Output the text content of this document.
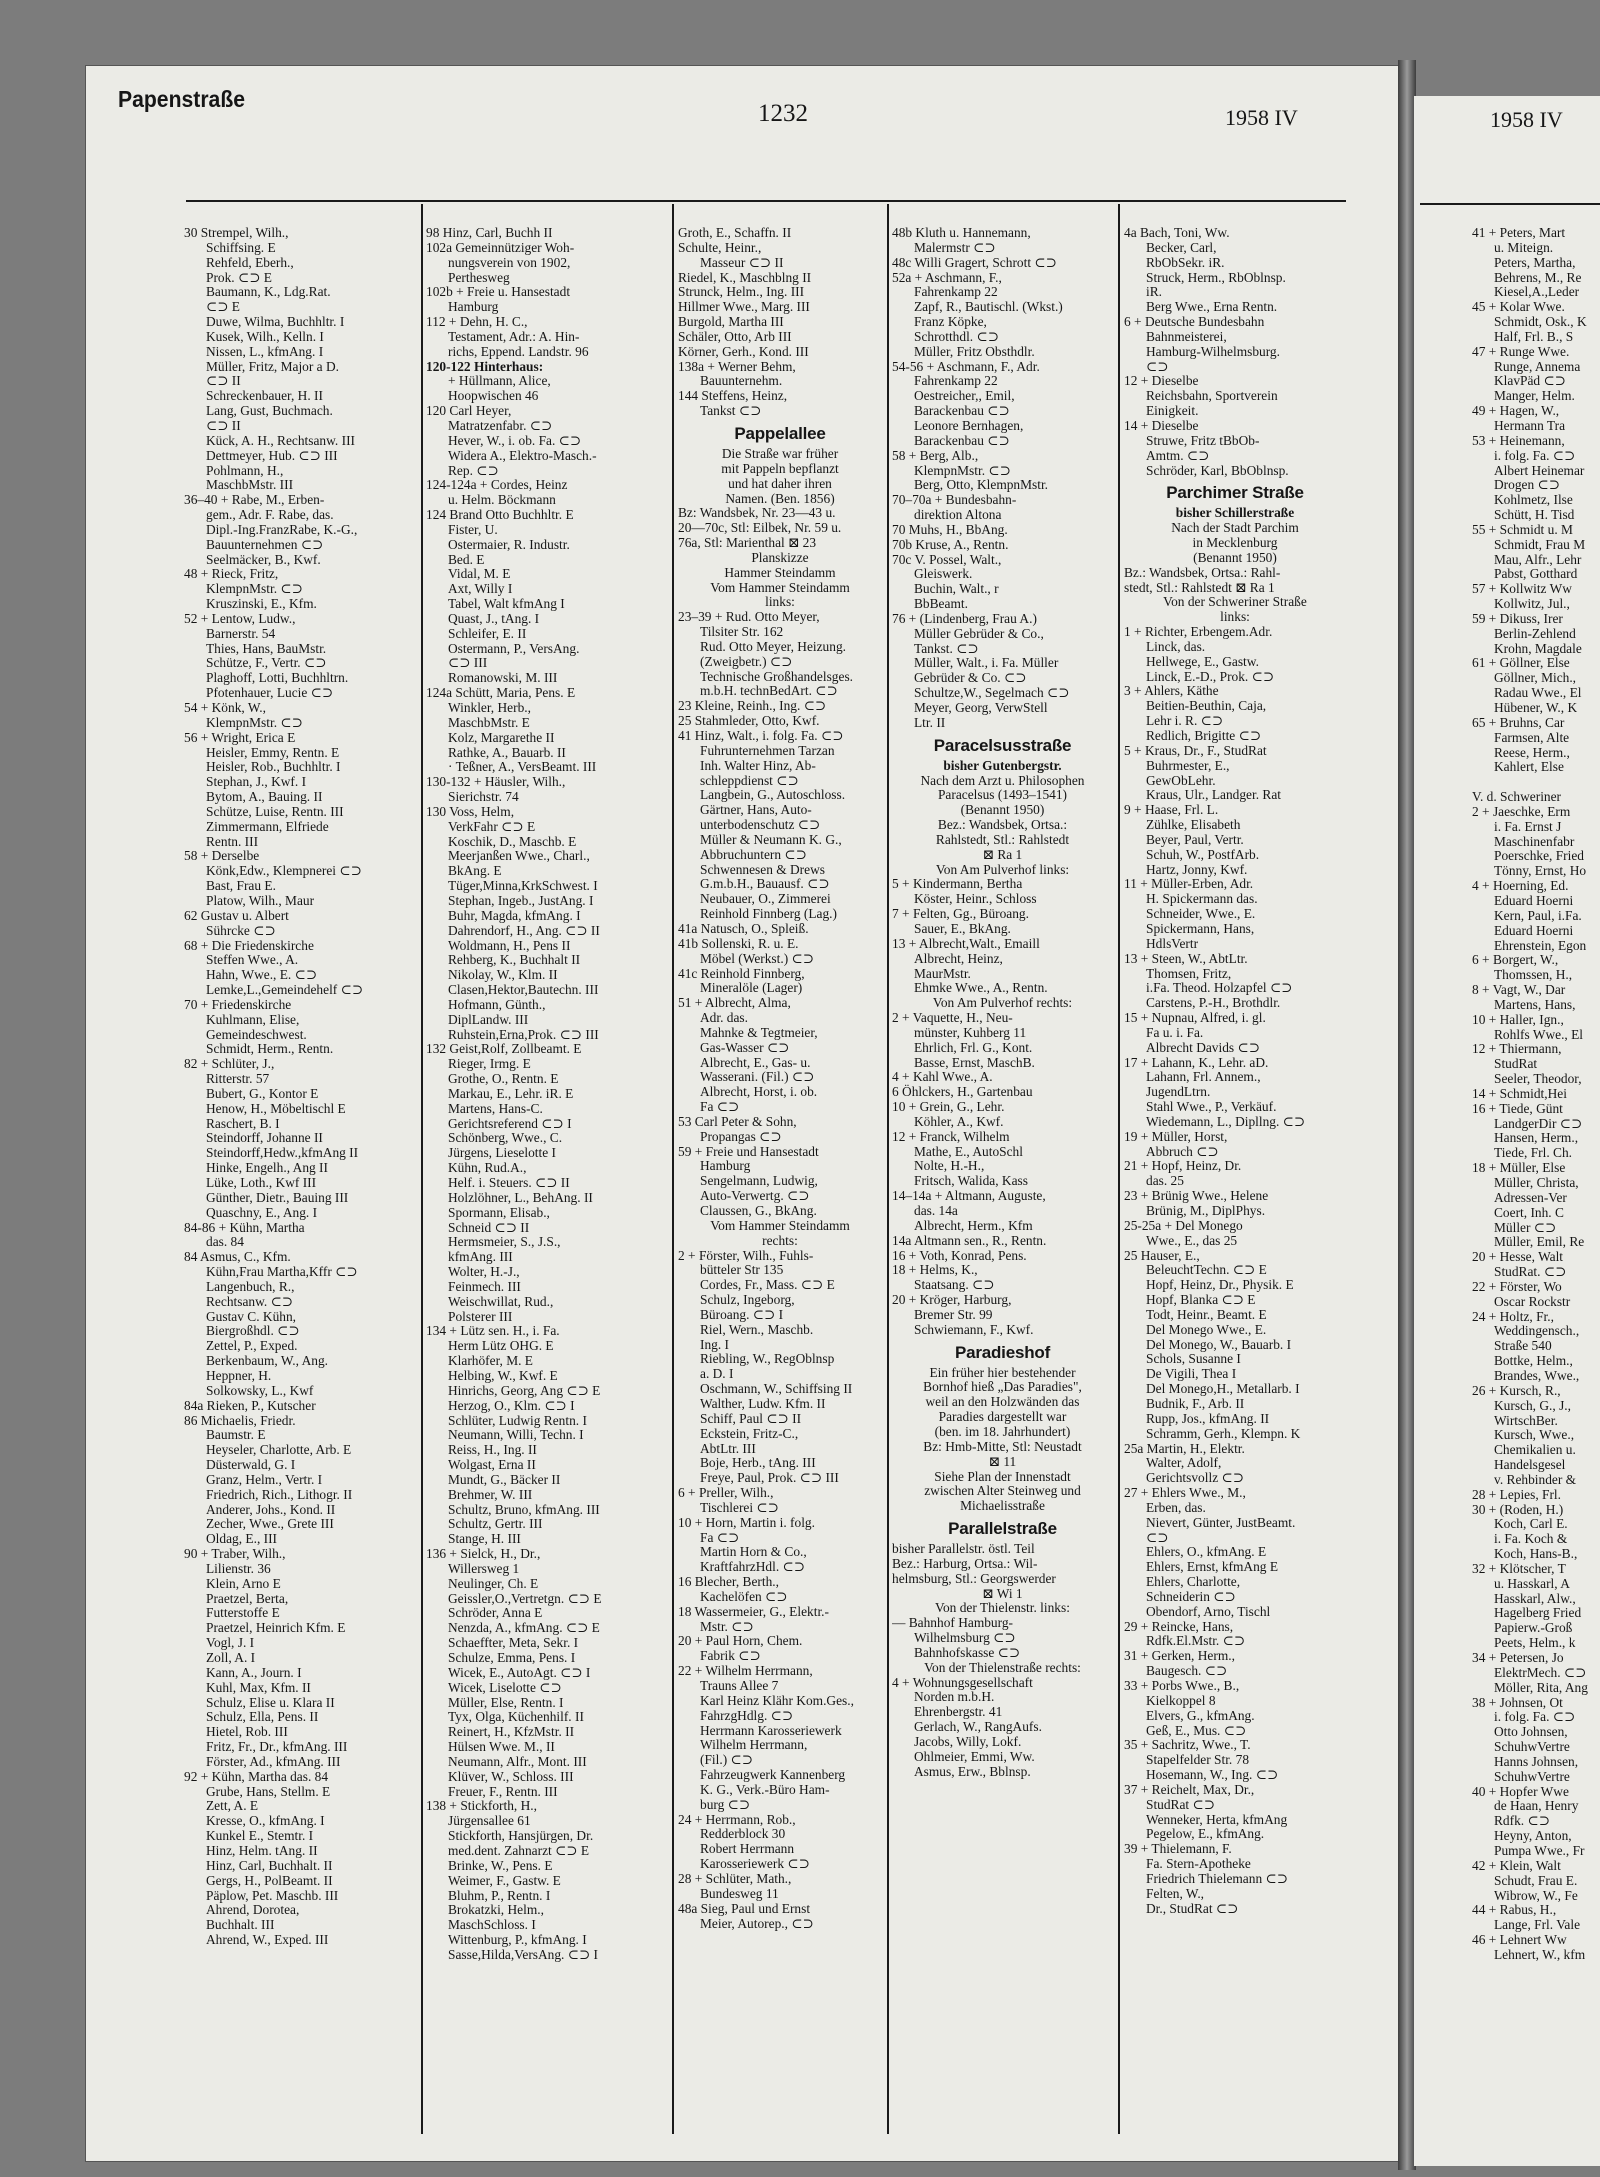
Papenstraße
1232	1958 IV	1958 IV
30 Strempel, Wilh.,
Schiffsing. E
Rehfeld, Eberh.,
Prok. ⊂⊃ E
Baumann, K., Ldg.Rat.
⊂⊃ E
Duwe, Wilma, Buchhltr. I
Kusek, Wilh., Kelln. I
Nissen, L., kfmAng. I
Müller, Fritz, Major a D.
⊂⊃ II
Schreckenbauer, H. II
Lang, Gust, Buchmach.
⊂⊃ II
Kück, A. H., Rechtsanw. III
Dettmeyer, Hub. ⊂⊃ III
Pohlmann, H.,
MaschbMstr. III
36–40 + Rabe, M., Erben-
gem., Adr. F. Rabe, das.
Dipl.-Ing.FranzRabe, K.-G.,
Bauunternehmen ⊂⊃
Seelmäcker, B., Kwf.
48 + Rieck, Fritz,
KlempnMstr. ⊂⊃
Kruszinski, E., Kfm.
52 + Lentow, Ludw.,
Barnerstr. 54
Thies, Hans, BauMstr.
Schütze, F., Vertr. ⊂⊃
Plaghoff, Lotti, Buchhltrn.
Pfotenhauer, Lucie ⊂⊃
54 + Könk, W.,
KlempnMstr. ⊂⊃
56 + Wright, Erica E
Heisler, Emmy, Rentn. E
Heisler, Rob., Buchhltr. I
Stephan, J., Kwf. I
Bytom, A., Bauing. II
Schütze, Luise, Rentn. III
Zimmermann, Elfriede
Rentn. III
58 + Derselbe
Könk,Edw., Klempnerei ⊂⊃
Bast, Frau E.
Platow, Wilh., Maur
62 Gustav u. Albert
Sührcke ⊂⊃
68 + Die Friedenskirche
Steffen Wwe., A.
Hahn, Wwe., E. ⊂⊃
Lemke,L.,Gemeindehelf ⊂⊃
70 + Friedenskirche
Kuhlmann, Elise,
Gemeindeschwest.
Schmidt, Herm., Rentn.
82 + Schlüter, J.,
Ritterstr. 57
Bubert, G., Kontor E
Henow, H., Möbeltischl E
Raschert, B. I
Steindorff, Johanne II
Steindorff,Hedw.,kfmAng II
Hinke, Engelh., Ang II
Lüke, Loth., Kwf III
Günther, Dietr., Bauing III
Quaschny, E., Ang. I
84-86 + Kühn, Martha
das. 84
84 Asmus, C., Kfm.
Kühn,Frau Martha,Kffr ⊂⊃
Langenbuch, R.,
Rechtsanw. ⊂⊃
Gustav C. Kühn,
Biergroßhdl. ⊂⊃
Zettel, P., Exped.
Berkenbaum, W., Ang.
Heppner, H.
Solkowsky, L., Kwf
84a Rieken, P., Kutscher
86 Michaelis, Friedr.
Baumstr. E
Heyseler, Charlotte, Arb. E
Düsterwald, G. I
Granz, Helm., Vertr. I
Friedrich, Rich., Lithogr. II
Anderer, Johs., Kond. II
Zecher, Wwe., Grete III
Oldag, E., III
90 + Traber, Wilh.,
Lilienstr. 36
Klein, Arno E
Praetzel, Berta,
Futterstoffe E
Praetzel, Heinrich Kfm. E
Vogl, J. I
Zoll, A. I
Kann, A., Journ. I
Kuhl, Max, Kfm. II
Schulz, Elise u. Klara II
Schulz, Ella, Pens. II
Hietel, Rob. III
Fritz, Fr., Dr., kfmAng. III
Förster, Ad., kfmAng. III
92 + Kühn, Martha das. 84
Grube, Hans, Stellm. E
Zett, A. E
Kresse, O., kfmAng. I
Kunkel E., Stemtr. I
Hinz, Helm. tAng. II
Hinz, Carl, Buchhalt. II
Gergs, H., PolBeamt. II
Päplow, Pet. Maschb. III
Ahrend, Dorotea,
Buchhalt. III
Ahrend, W., Exped. III
98 Hinz, Carl, Buchh II
102a Gemeinnütziger Woh-
nungsverein von 1902,
Perthesweg
102b + Freie u. Hansestadt
Hamburg
112 + Dehn, H. C.,
Testament, Adr.: A. Hin-
richs, Eppend. Landstr. 96
120-122 Hinterhaus:
+ Hüllmann, Alice,
Hoopwischen 46
120 Carl Heyer,
Matratzenfabr. ⊂⊃
Hever, W., i. ob. Fa. ⊂⊃
Widera A., Elektro-Masch.-
Rep. ⊂⊃
124-124a + Cordes, Heinz
u. Helm. Böckmann
124 Brand Otto Buchhltr. E
Fister, U.
Ostermaier, R. Industr.
Bed. E
Vidal, M. E
Axt, Willy I
Tabel, Walt kfmAng I
Quast, J., tAng. I
Schleifer, E. II
Ostermann, P., VersAng.
⊂⊃ III
Romanowski, M. III
124a Schütt, Maria, Pens. E
Winkler, Herb.,
MaschbMstr. E
Kolz, Margarethe II
Rathke, A., Bauarb. II
· Teßner, A., VersBeamt. III
130-132 + Häusler, Wilh.,
Sierichstr. 74
130 Voss, Helm,
VerkFahr ⊂⊃ E
Koschik, D., Maschb. E
Meerjanßen Wwe., Charl.,
BkAng. E
Tüger,Minna,KrkSchwest. I
Stephan, Ingeb., JustAng. I
Buhr, Magda, kfmAng. I
Dahrendorf, H., Ang. ⊂⊃ II
Woldmann, H., Pens II
Rehberg, K., Buchhalt II
Nikolay, W., Klm. II
Clasen,Hektor,Bautechn. III
Hofmann, Günth.,
DiplLandw. III
Ruhstein,Erna,Prok. ⊂⊃ III
132 Geist,Rolf, Zollbeamt. E
Rieger, Irmg. E
Grothe, O., Rentn. E
Markau, E., Lehr. iR. E
Martens, Hans-C.
Gerichtsreferend ⊂⊃ I
Schönberg, Wwe., C.
Jürgens, Lieselotte I
Kühn, Rud.A.,
Helf. i. Steuers. ⊂⊃ II
Holzlöhner, L., BehAng. II
Spormann, Elisab.,
Schneid ⊂⊃ II
Hermsmeier, S., J.S.,
kfmAng. III
Wolter, H.-J.,
Feinmech. III
Weischwillat, Rud.,
Polsterer III
134 + Lütz sen. H., i. Fa.
Herm Lütz OHG. E
Klarhöfer, M. E
Helbing, W., Kwf. E
Hinrichs, Georg, Ang ⊂⊃ E
Herzog, O., Klm. ⊂⊃ I
Schlüter, Ludwig Rentn. I
Neumann, Willi, Techn. I
Reiss, H., Ing. II
Wolgast, Erna II
Mundt, G., Bäcker II
Brehmer, W. III
Schultz, Bruno, kfmAng. III
Schultz, Gertr. III
Stange, H. III
136 + Sielck, H., Dr.,
Willersweg 1
Neulinger, Ch. E
Geissler,O.,Vertretgn. ⊂⊃ E
Schröder, Anna E
Nenzda, A., kfmAng. ⊂⊃ E
Schaeffter, Meta, Sekr. I
Schulze, Emma, Pens. I
Wicek, E., AutoAgt. ⊂⊃ I
Wicek, Liselotte ⊂⊃
Müller, Else, Rentn. I
Tyx, Olga, Küchenhilf. II
Reinert, H., KfzMstr. II
Hülsen Wwe. M., II
Neumann, Alfr., Mont. III
Klüver, W., Schloss. III
Freuer, F., Rentn. III
138 + Stickforth, H.,
Jürgensallee 61
Stickforth, Hansjürgen, Dr.
med.dent. Zahnarzt ⊂⊃ E
Brinke, W., Pens. E
Weimer, F., Gastw. E
Bluhm, P., Rentn. I
Brokatzki, Helm.,
MaschSchloss. I
Wittenburg, P., kfmAng. I
Sasse,Hilda,VersAng. ⊂⊃ I
Groth, E., Schaffn. II
Schulte, Heinr.,
Masseur ⊂⊃ II
Riedel, K., Maschblng II
Strunck, Helm., Ing. III
Hillmer Wwe., Marg. III
Burgold, Martha III
Schäler, Otto, Arb III
Körner, Gerh., Kond. III
138a + Werner Behm,
Bauunternehm.
144 Steffens, Heinz,
Tankst ⊂⊃
Pappelallee
Die Straße war früher
mit Pappeln bepflanzt
und hat daher ihren
Namen. (Ben. 1856)
Bz: Wandsbek, Nr. 23—43 u.
20—70c, Stl: Eilbek, Nr. 59 u.
76a, Stl: Marienthal ⊠ 23
Planskizze
Hammer Steindamm
Vom Hammer Steindamm
links:
23–39 + Rud. Otto Meyer,
Tilsiter Str. 162
Rud. Otto Meyer, Heizung.
(Zweigbetr.) ⊂⊃
Technische Großhandelsges.
m.b.H. technBedArt. ⊂⊃
23 Kleine, Reinh., Ing. ⊂⊃
25 Stahmleder, Otto, Kwf.
41 Hinz, Walt., i. folg. Fa. ⊂⊃
Fuhrunternehmen Tarzan
Inh. Walter Hinz, Ab-
schleppdienst ⊂⊃
Langbein, G., Autoschloss.
Gärtner, Hans, Auto-
unterbodenschutz ⊂⊃
Müller & Neumann K. G.,
Abbruchuntern ⊂⊃
Schwennesen & Drews
G.m.b.H., Bauausf. ⊂⊃
Neubauer, O., Zimmerei
Reinhold Finnberg (Lag.)
41a Natusch, O., Spleiß.
41b Sollenski, R. u. E.
Möbel (Werkst.) ⊂⊃
41c Reinhold Finnberg,
Mineralöle (Lager)
51 + Albrecht, Alma,
Adr. das.
Mahnke & Tegtmeier,
Gas-Wasser ⊂⊃
Albrecht, E., Gas- u.
Wasserani. (Fil.) ⊂⊃
Albrecht, Horst, i. ob.
Fa ⊂⊃
53 Carl Peter & Sohn,
Propangas ⊂⊃
59 + Freie und Hansestadt
Hamburg
Sengelmann, Ludwig,
Auto-Verwertg. ⊂⊃
Claussen, G., BkAng.
Vom Hammer Steindamm
rechts:
2 + Förster, Wilh., Fuhls-
bütteler Str 135
Cordes, Fr., Mass. ⊂⊃ E
Schulz, Ingeborg,
Büroang. ⊂⊃ I
Riel, Wern., Maschb.
Ing. I
Riebling, W., RegOblnsp
a. D. I
Oschmann, W., Schiffsing II
Walther, Ludw. Kfm. II
Schiff, Paul ⊂⊃ II
Eckstein, Fritz-C.,
AbtLtr. III
Boje, Herb., tAng. III
Freye, Paul, Prok. ⊂⊃ III
6 + Preller, Wilh.,
Tischlerei ⊂⊃
10 + Horn, Martin i. folg.
Fa ⊂⊃
Martin Horn & Co.,
KraftfahrzHdl. ⊂⊃
16 Blecher, Berth.,
Kachelöfen ⊂⊃
18 Wassermeier, G., Elektr.-
Mstr. ⊂⊃
20 + Paul Horn, Chem.
Fabrik ⊂⊃
22 + Wilhelm Herrmann,
Trauns Allee 7
Karl Heinz Klähr Kom.Ges.,
FahrzgHdlg. ⊂⊃
Herrmann Karosseriewerk
Wilhelm Herrmann,
(Fil.) ⊂⊃
Fahrzeugwerk Kannenberg
K. G., Verk.-Büro Ham-
burg ⊂⊃
24 + Herrmann, Rob.,
Redderblock 30
Robert Herrmann
Karosseriewerk ⊂⊃
28 + Schlüter, Math.,
Bundesweg 11
48a Sieg, Paul und Ernst
Meier, Autorep., ⊂⊃
48b Kluth u. Hannemann,
Malermstr ⊂⊃
48c Willi Gragert, Schrott ⊂⊃
52a + Aschmann, F.,
Fahrenkamp 22
Zapf, R., Bautischl. (Wkst.)
Franz Köpke,
Schrotthdl. ⊂⊃
Müller, Fritz Obsthdlr.
54-56 + Aschmann, F., Adr.
Fahrenkamp 22
Oestreicher,, Emil,
Barackenbau ⊂⊃
Leonore Bernhagen,
Barackenbau ⊂⊃
58 + Berg, Alb.,
KlempnMstr. ⊂⊃
Berg, Otto, KlempnMstr.
70–70a + Bundesbahn-
direktion Altona
70 Muhs, H., BbAng.
70b Kruse, A., Rentn.
70c V. Possel, Walt.,
Gleiswerk.
Buchin, Walt., r
BbBeamt.
76 + (Lindenberg, Frau A.)
Müller Gebrüder & Co.,
Tankst. ⊂⊃
Müller, Walt., i. Fa. Müller
Gebrüder & Co. ⊂⊃
Schultze,W., Segelmach ⊂⊃
Meyer, Georg, VerwStell
Ltr. II
Paracelsusstraße
bisher Gutenbergstr.
Nach dem Arzt u. Philosophen
Paracelsus (1493–1541)
(Benannt 1950)
Bez.: Wandsbek, Ortsa.:
Rahlstedt, Stl.: Rahlstedt
⊠ Ra 1
Von Am Pulverhof links:
5 + Kindermann, Bertha
Köster, Heinr., Schloss
7 + Felten, Gg., Büroang.
Sauer, E., BkAng.
13 + Albrecht,Walt., Emaill
Albrecht, Heinz,
MaurMstr.
Ehmke Wwe., A., Rentn.
Von Am Pulverhof rechts:
2 + Vaquette, H., Neu-
münster, Kuhberg 11
Ehrlich, Frl. G., Kont.
Basse, Ernst, MaschB.
4 + Kahl Wwe., A.
6 Öhlckers, H., Gartenbau
10 + Grein, G., Lehr.
Köhler, A., Kwf.
12 + Franck, Wilhelm
Mathe, E., AutoSchl
Nolte, H.-H.,
Fritsch, Walida, Kass
14–14a + Altmann, Auguste,
das. 14a
Albrecht, Herm., Kfm
14a Altmann sen., R., Rentn.
16 + Voth, Konrad, Pens.
18 + Helms, K.,
Staatsang. ⊂⊃
20 + Kröger, Harburg,
Bremer Str. 99
Schwiemann, F., Kwf.
Paradieshof
Ein früher hier bestehender
Bornhof hieß „Das Paradies",
weil an den Holzwänden das
Paradies dargestellt war
(ben. im 18. Jahrhundert)
Bz: Hmb-Mitte, Stl: Neustadt
⊠ 11
Siehe Plan der Innenstadt
zwischen Alter Steinweg und
Michaelisstraße
Parallelstraße
bisher Parallelstr. östl. Teil
Bez.: Harburg, Ortsa.: Wil-
helmsburg, Stl.: Georgswerder
⊠ Wi 1
Von der Thielenstr. links:
— Bahnhof Hamburg-
Wilhelmsburg ⊂⊃
Bahnhofskasse ⊂⊃
Von der Thielenstraße rechts:
4 + Wohnungsgesellschaft
Norden m.b.H.
Ehrenbergstr. 41
Gerlach, W., RangAufs.
Jacobs, Willy, Lokf.
Ohlmeier, Emmi, Ww.
Asmus, Erw., Bblnsp.
4a Bach, Toni, Ww.
Becker, Carl,
RbObSekr. iR.
Struck, Herm., RbOblnsp.
iR.
Berg Wwe., Erna Rentn.
6 + Deutsche Bundesbahn
Bahnmeisterei,
Hamburg-Wilhelmsburg.
⊂⊃
12 + Dieselbe
Reichsbahn, Sportverein
Einigkeit.
14 + Dieselbe
Struwe, Fritz tBbOb-
Amtm. ⊂⊃
Schröder, Karl, BbOblnsp.
Parchimer Straße
bisher Schillerstraße
Nach der Stadt Parchim
in Mecklenburg
(Benannt 1950)
Bz.: Wandsbek, Ortsa.: Rahl-
stedt, Stl.: Rahlstedt ⊠ Ra 1
Von der Schweriner Straße
links:
1 + Richter, Erbengem.Adr.
Linck, das.
Hellwege, E., Gastw.
Linck, E.-D., Prok. ⊂⊃
3 + Ahlers, Käthe
Beitien-Beuthin, Caja,
Lehr i. R. ⊂⊃
Redlich, Brigitte ⊂⊃
5 + Kraus, Dr., F., StudRat
Buhrmester, E.,
GewObLehr.
Kraus, Ulr., Landger. Rat
9 + Haase, Frl. L.
Zühlke, Elisabeth
Beyer, Paul, Vertr.
Schuh, W., PostfArb.
Hartz, Jonny, Kwf.
11 + Müller-Erben, Adr.
H. Spickermann das.
Schneider, Wwe., E.
Spickermann, Hans,
HdlsVertr
13 + Steen, W., AbtLtr.
Thomsen, Fritz,
i.Fa. Theod. Holzapfel ⊂⊃
Carstens, P.-H., Brothdlr.
15 + Nupnau, Alfred, i. gl.
Fa u. i. Fa.
Albrecht Davids ⊂⊃
17 + Lahann, K., Lehr. aD.
Lahann, Frl. Annem.,
JugendLtrn.
Stahl Wwe., P., Verkäuf.
Wiedemann, L., Dipllng. ⊂⊃
19 + Müller, Horst,
Abbruch ⊂⊃
21 + Hopf, Heinz, Dr.
das. 25
23 + Brünig Wwe., Helene
Brünig, M., DiplPhys.
25-25a + Del Monego
Wwe., E., das 25
25 Hauser, E.,
BeleuchtTechn. ⊂⊃ E
Hopf, Heinz, Dr., Physik. E
Hopf, Blanka ⊂⊃ E
Todt, Heinr., Beamt. E
Del Monego Wwe., E.
Del Monego, W., Bauarb. I
Schols, Susanne I
De Vigili, Thea I
Del Monego,H., Metallarb. I
Budnik, F., Arb. II
Rupp, Jos., kfmAng. II
Schramm, Gerh., Klempn. K
25a Martin, H., Elektr.
Walter, Adolf,
Gerichtsvollz ⊂⊃
27 + Ehlers Wwe., M.,
Erben, das.
Nievert, Günter, JustBeamt.
⊂⊃
Ehlers, O., kfmAng. E
Ehlers, Ernst, kfmAng E
Ehlers, Charlotte,
Schneiderin ⊂⊃
Obendorf, Arno, Tischl
29 + Reincke, Hans,
Rdfk.El.Mstr. ⊂⊃
31 + Gerken, Herm.,
Baugesch. ⊂⊃
33 + Porbs Wwe., B.,
Kielkoppel 8
Elvers, G., kfmAng.
Geß, E., Mus. ⊂⊃
35 + Sachritz, Wwe., T.
Stapelfelder Str. 78
Hosemann, W., Ing. ⊂⊃
37 + Reichelt, Max, Dr.,
StudRat ⊂⊃
Wenneker, Herta, kfmAng
Pegelow, E., kfmAng.
39 + Thielemann, F.
Fa. Stern-Apotheke
Friedrich Thielemann ⊂⊃
Felten, W.,
Dr., StudRat ⊂⊃
41 + Peters, Mart
u. Miteign.
Peters, Martha,
Behrens, M., Re
Kiesel,A.,Leder
45 + Kolar Wwe.
Schmidt, Osk., K
Half, Frl. B., S
47 + Runge Wwe.
Runge, Annema
KlavPäd ⊂⊃
Manger, Helm.
49 + Hagen, W.,
Hermann Tra
53 + Heinemann,
i. folg. Fa. ⊂⊃
Albert Heinemar
Drogen ⊂⊃
Kohlmetz, Ilse
Schütt, H. Tisd
55 + Schmidt u. M
Schmidt, Frau M
Mau, Alfr., Lehr
Pabst, Gotthard
57 + Kollwitz Ww
Kollwitz, Jul.,
59 + Dikuss, Irer
Berlin-Zehlend
Krohn, Magdale
61 + Göllner, Else
Göllner, Mich.,
Radau Wwe., El
Hübener, W., K
65 + Bruhns, Car
Farmsen, Alte
Reese, Herm.,
Kahlert, Else
V. d. Schweriner
2 + Jaeschke, Erm
i. Fa. Ernst J
Maschinenfabr
Poerschke, Fried
Tönny, Ernst, Ho
4 + Hoerning, Ed.
Eduard Hoerni
Kern, Paul, i.Fa.
Eduard Hoerni
Ehrenstein, Egon
6 + Borgert, W.,
Thomssen, H.,
8 + Vagt, W., Dar
Martens, Hans,
10 + Haller, Ign.,
Rohlfs Wwe., El
12 + Thiermann,
StudRat
Seeler, Theodor,
14 + Schmidt,Hei
16 + Tiede, Günt
LandgerDir ⊂⊃
Hansen, Herm.,
Tiede, Frl. Ch.
18 + Müller, Else
Müller, Christa,
Adressen-Ver
Coert, Inh. C
Müller ⊂⊃
Müller, Emil, Re
20 + Hesse, Walt
StudRat. ⊂⊃
22 + Förster, Wo
Oscar Rockstr
24 + Holtz, Fr.,
Weddingensch.,
Straße 540
Bottke, Helm.,
Brandes, Wwe.,
26 + Kursch, R.,
Kursch, G., J.,
WirtschBer.
Kursch, Wwe.,
Chemikalien u.
Handelsgesel
v. Rehbinder &
28 + Lepies, Frl.
30 + (Roden, H.)
Koch, Carl E.
i. Fa. Koch &
Koch, Hans-B.,
32 + Klötscher, T
u. Hasskarl, A
Hasskarl, Alw.,
Hagelberg Fried
Papierw.-Groß
Peets, Helm., k
34 + Petersen, Jo
ElektrMech. ⊂⊃
Möller, Rita, Ang
38 + Johnsen, Ot
i. folg. Fa. ⊂⊃
Otto Johnsen,
SchuhwVertre
Hanns Johnsen,
SchuhwVertre
40 + Hopfer Wwe
de Haan, Henry
Rdfk. ⊂⊃
Heyny, Anton,
Pumpa Wwe., Fr
42 + Klein, Walt
Schudt, Frau E.
Wibrow, W., Fe
44 + Rabus, H.,
Lange, Frl. Vale
46 + Lehnert Ww
Lehnert, W., kfm
